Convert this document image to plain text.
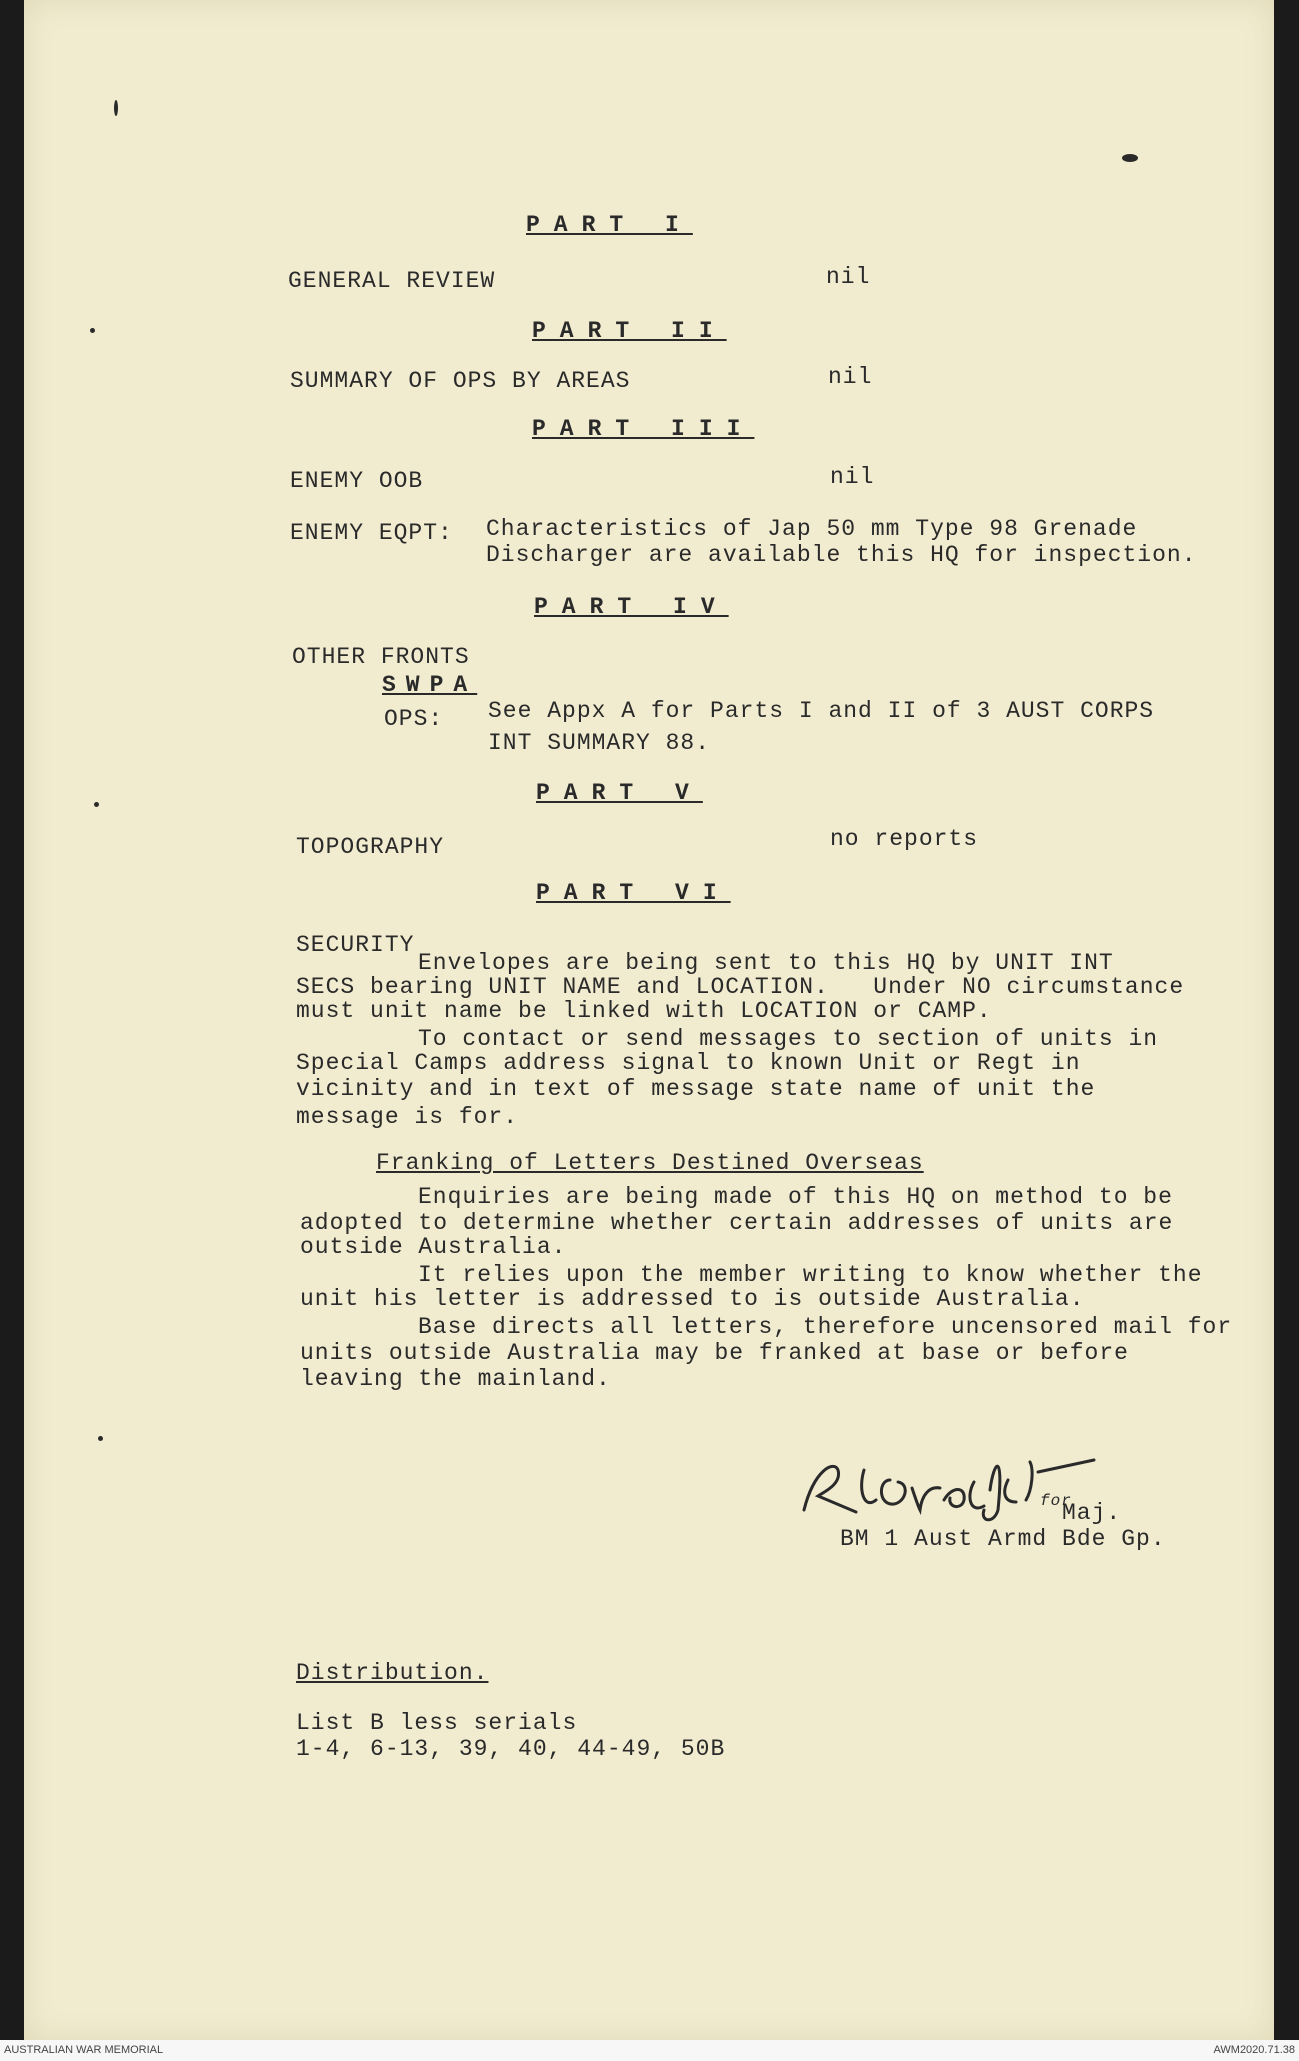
PART I
GENERAL REVIEW	nil
PART II
SUMMARY OF OPS BY AREAS	nil
PART III
ENEMY OOB	nil
ENEMY EQPT: Characteristics of Jap 50 mm Type 98 Grenade
Discharger are available this HQ for inspection.
PART IV
OTHER FRONTS
SWPA
OPS: See Appx A for Parts I and II of 3 AUST CORPS
INT SUMMARY 88.
PART V
TOPOGRAPHY	no reports
PART VI
SECURITY
Envelopes are being sent to this HQ by UNIT INT
SECS bearing UNIT NAME and LOCATION.   Under NO circumstance
must unit name be linked with LOCATION or CAMP.
To contact or send messages to section of units in
Special Camps address signal to known Unit or Regt in
vicinity and in text of message state name of unit the
message is for.
Franking of Letters Destined Overseas
Enquiries are being made of this HQ on method to be
adopted to determine whether certain addresses of units are
outside Australia.
It relies upon the member writing to know whether the
unit his letter is addressed to is outside Australia.
Base directs all letters, therefore uncensored mail for
units outside Australia may be franked at base or before
leaving the mainland.
for
Maj.
BM 1 Aust Armd Bde Gp.
Distribution.
List B less serials
1-4, 6-13, 39, 40, 44-49, 50B
AUSTRALIAN WAR MEMORIAL	AWM2020.71.38
